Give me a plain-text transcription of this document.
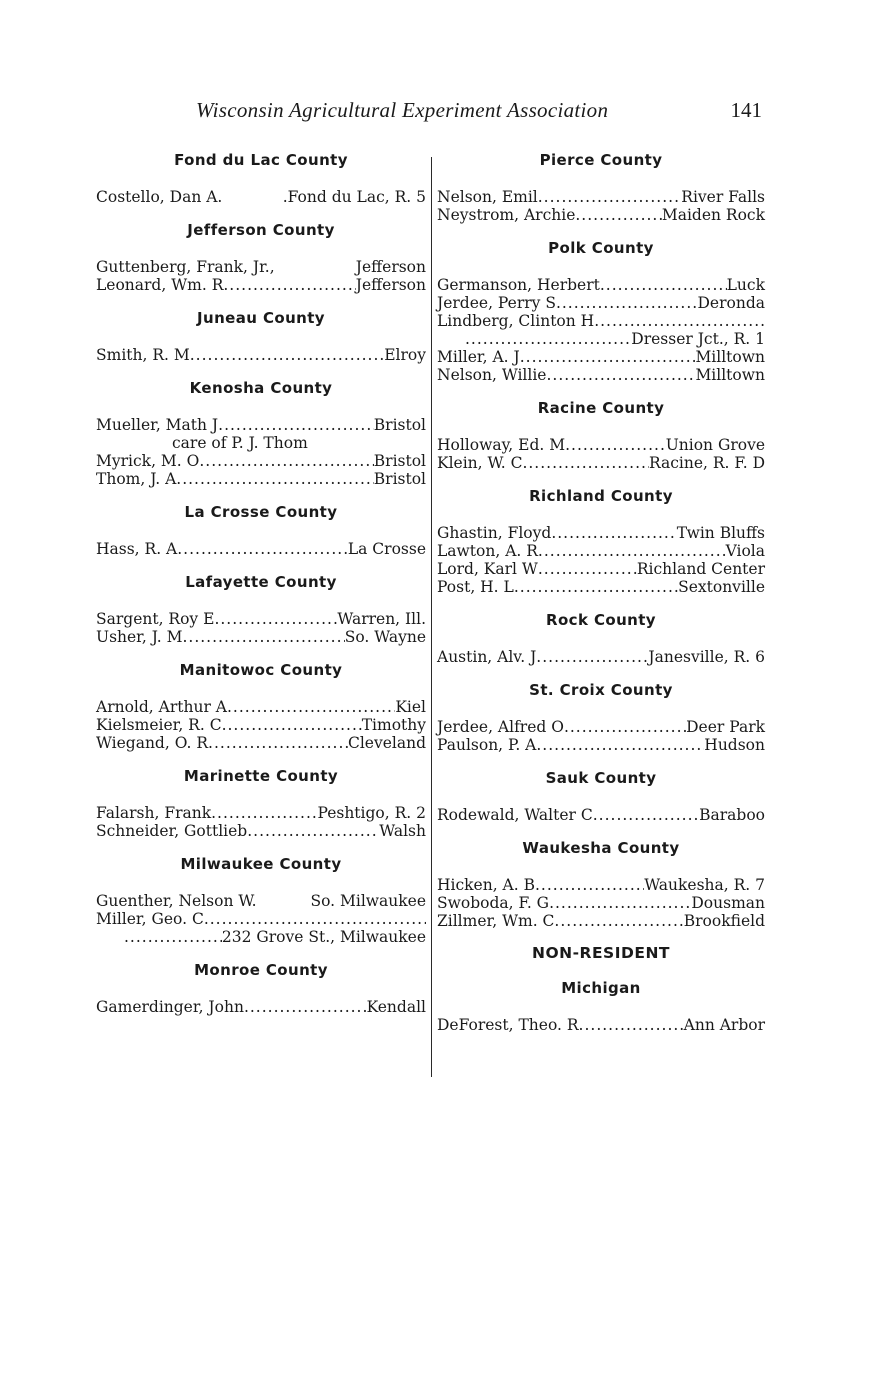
Wisconsin Agricultural Experiment Association	141
Fond du Lac County
Costello, Dan A.	.Fond du Lac, R. 5
Jefferson County
Guttenberg, Frank, Jr.,	Jefferson
Leonard, Wm. R .....	Jefferson
Juneau County
Smith, R. M .....	Elroy
Kenosha County
Mueller, Math J .....	Bristol
care of P. J. Thom
Myrick, M. O .....	Bristol
Thom, J. A .....	Bristol
La Crosse County
Hass, R. A .....	La Crosse
Lafayette County
Sargent, Roy E .....	Warren, Ill.
Usher, J. M .....	So. Wayne
Manitowoc County
Arnold, Arthur A .....	Kiel
Kielsmeier, R. C .....	Timothy
Wiegand, O. R .....	Cleveland
Marinette County
Falarsh, Frank .....	Peshtigo, R. 2
Schneider, Gottlieb .....	Walsh
Milwaukee County
Guenther, Nelson W.	So. Milwaukee
Miller, Geo. C
.....
.....
232 Grove St., Milwaukee
Monroe County
Gamerdinger, John .....	Kendall
Pierce County
Nelson, Emil .....	River Falls
Neystrom, Archie .....	Maiden Rock
Polk County
Germanson, Herbert .....	Luck
Jerdee, Perry S .....	Deronda
Lindberg, Clinton H
.....
.....
Dresser Jct., R. 1
Miller, A. J .....	Milltown
Nelson, Willie .....	Milltown
Racine County
Holloway, Ed. M .....	Union Grove
Klein, W. C .....	Racine, R. F. D
Richland County
Ghastin, Floyd .....	Twin Bluffs
Lawton, A. R .....	Viola
Lord, Karl W .....	Richland Center
Post, H. L .....	Sextonville
Rock County
Austin, Alv. J .....	Janesville, R. 6
St. Croix County
Jerdee, Alfred O .....	Deer Park
Paulson, P. A .....	Hudson
Sauk County
Rodewald, Walter C .....	Baraboo
Waukesha County
Hicken, A. B .....	Waukesha, R. 7
Swoboda, F. G .....	Dousman
Zillmer, Wm. C .....	Brookfield
NON-RESIDENT
Michigan
DeForest, Theo. R .....	Ann Arbor
